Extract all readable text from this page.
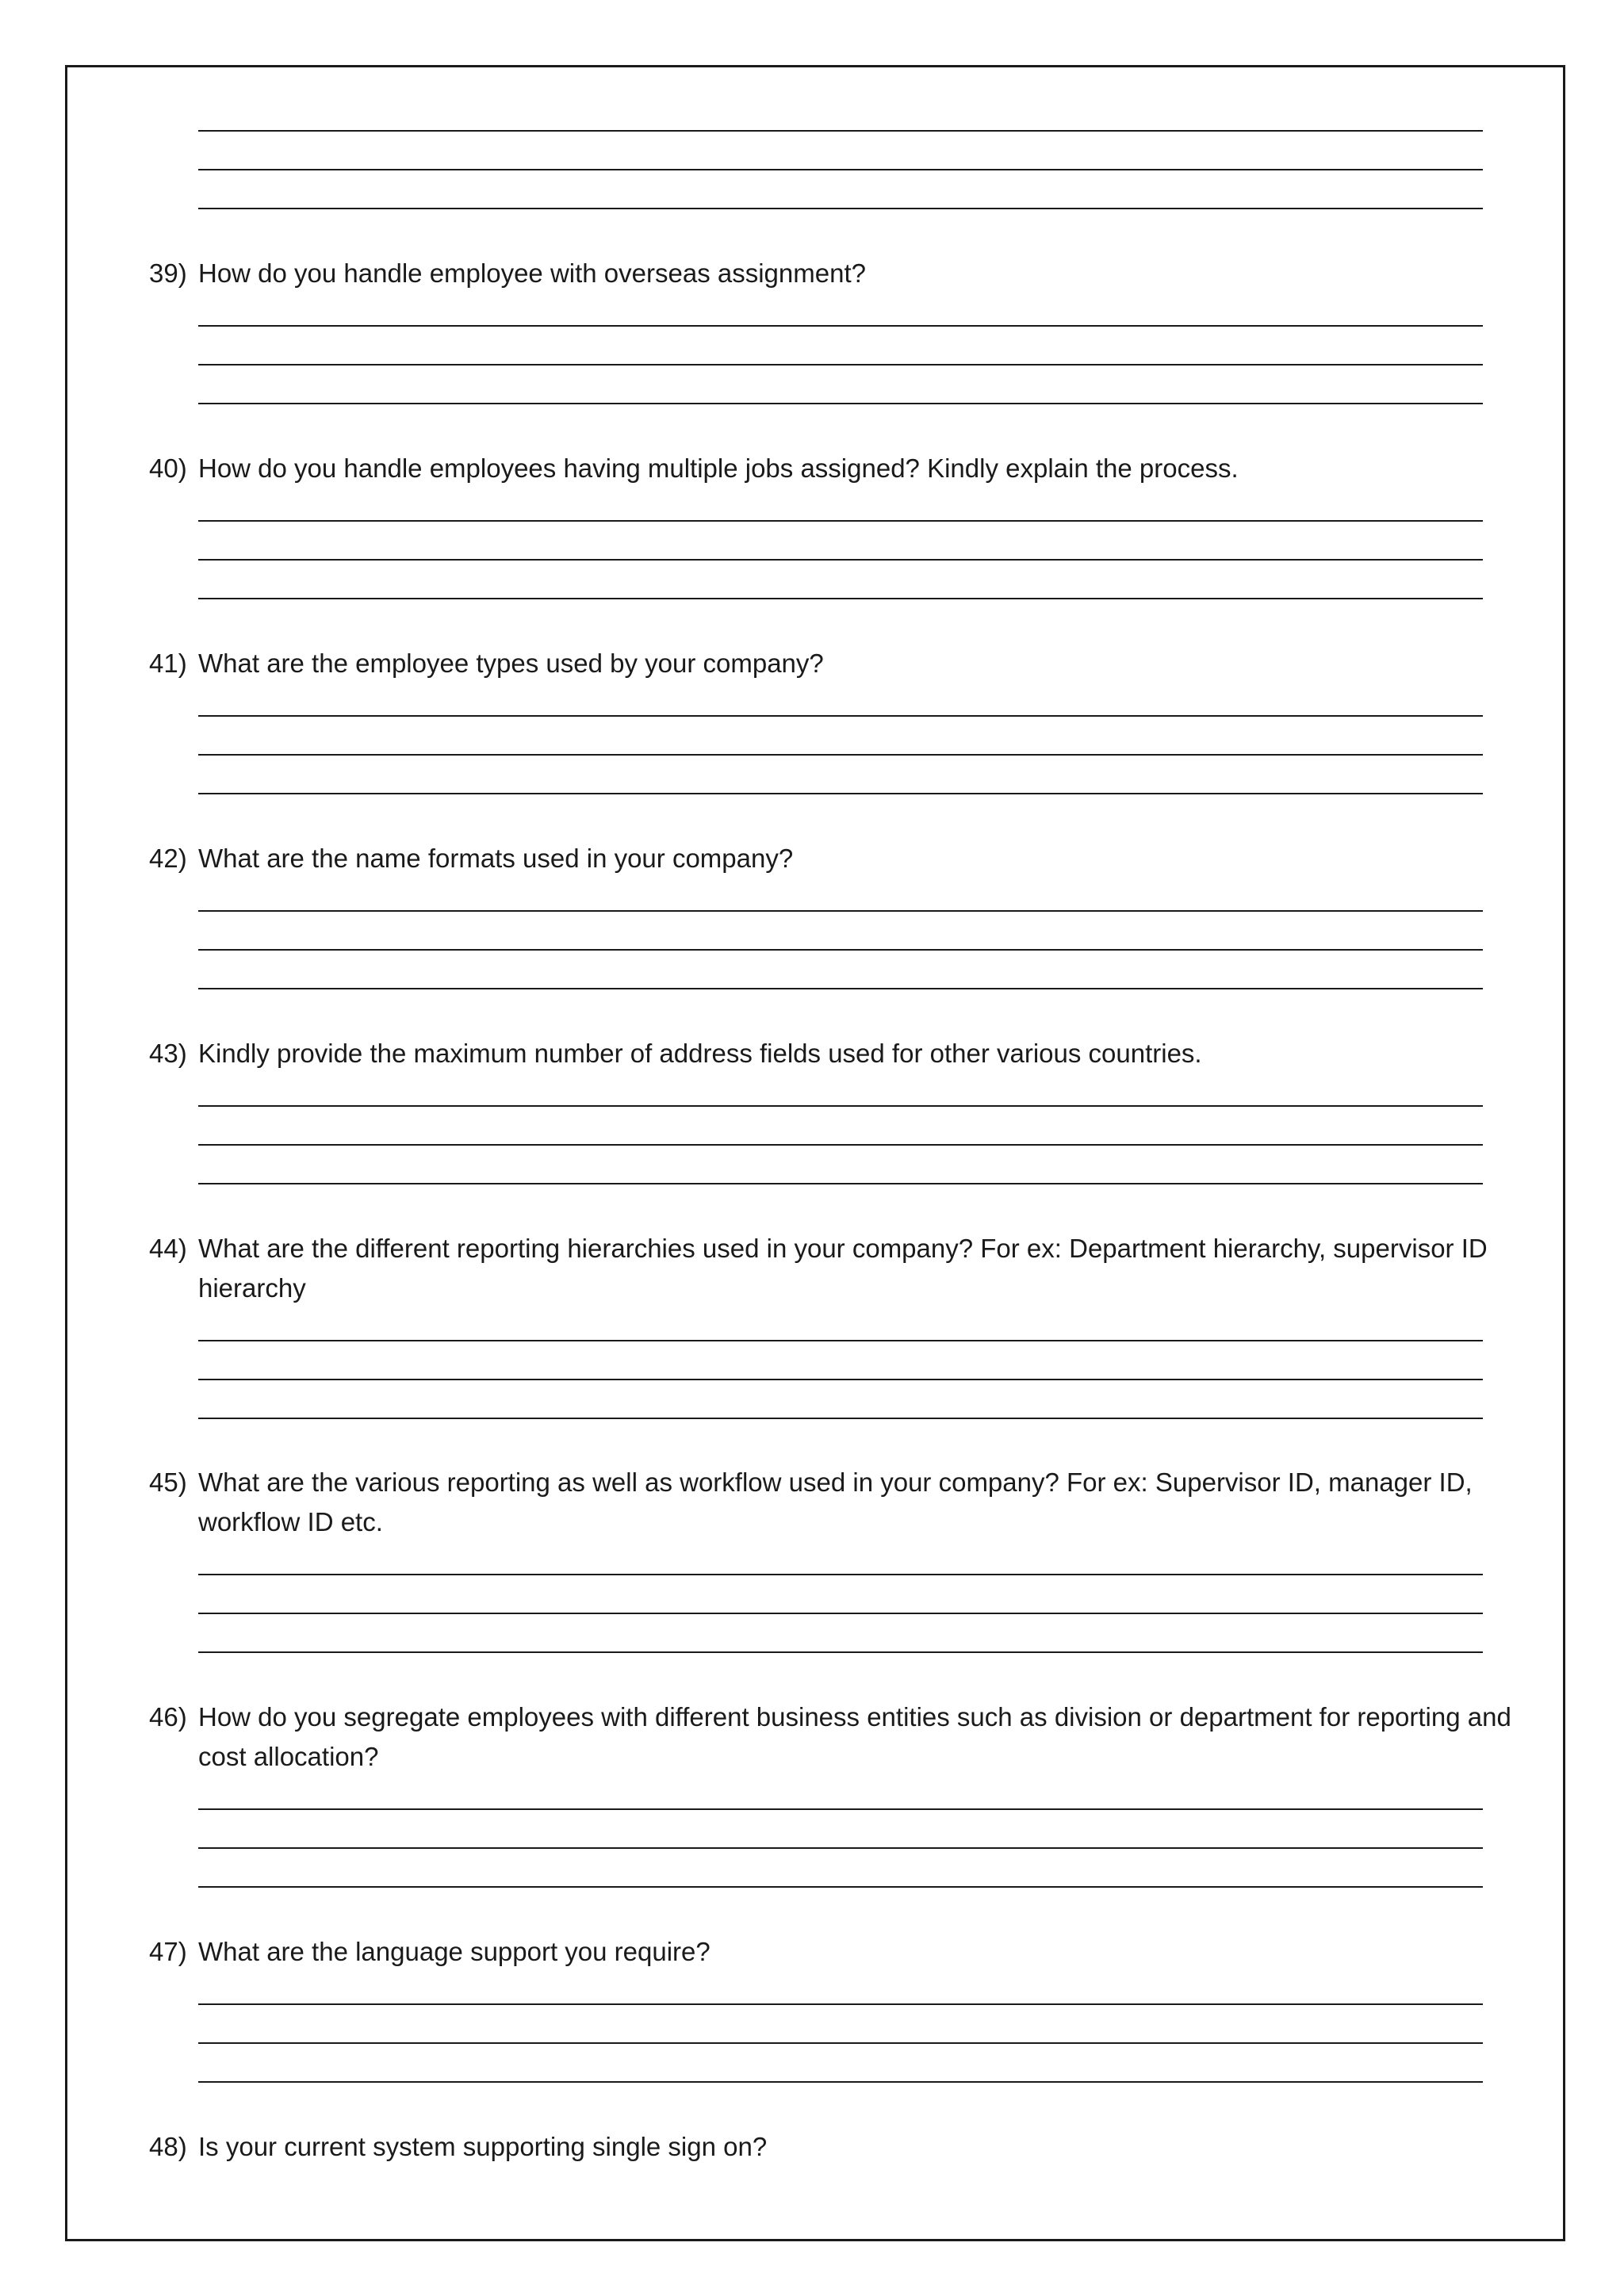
39) How do you handle employee with overseas assignment?
40) How do you handle employees having multiple jobs assigned? Kindly explain the process.
41) What are the employee types used by your company?
42) What are the name formats used in your company?
43) Kindly provide the maximum number of address fields used for other various countries.
44) What are the different reporting hierarchies used in your company? For ex: Department hierarchy, supervisor ID hierarchy
45) What are the various reporting as well as workflow used in your company? For ex: Supervisor ID, manager ID, workflow ID etc.
46) How do you segregate employees with different business entities such as division or department for reporting and cost allocation?
47) What are the language support you require?
48) Is your current system supporting single sign on?
